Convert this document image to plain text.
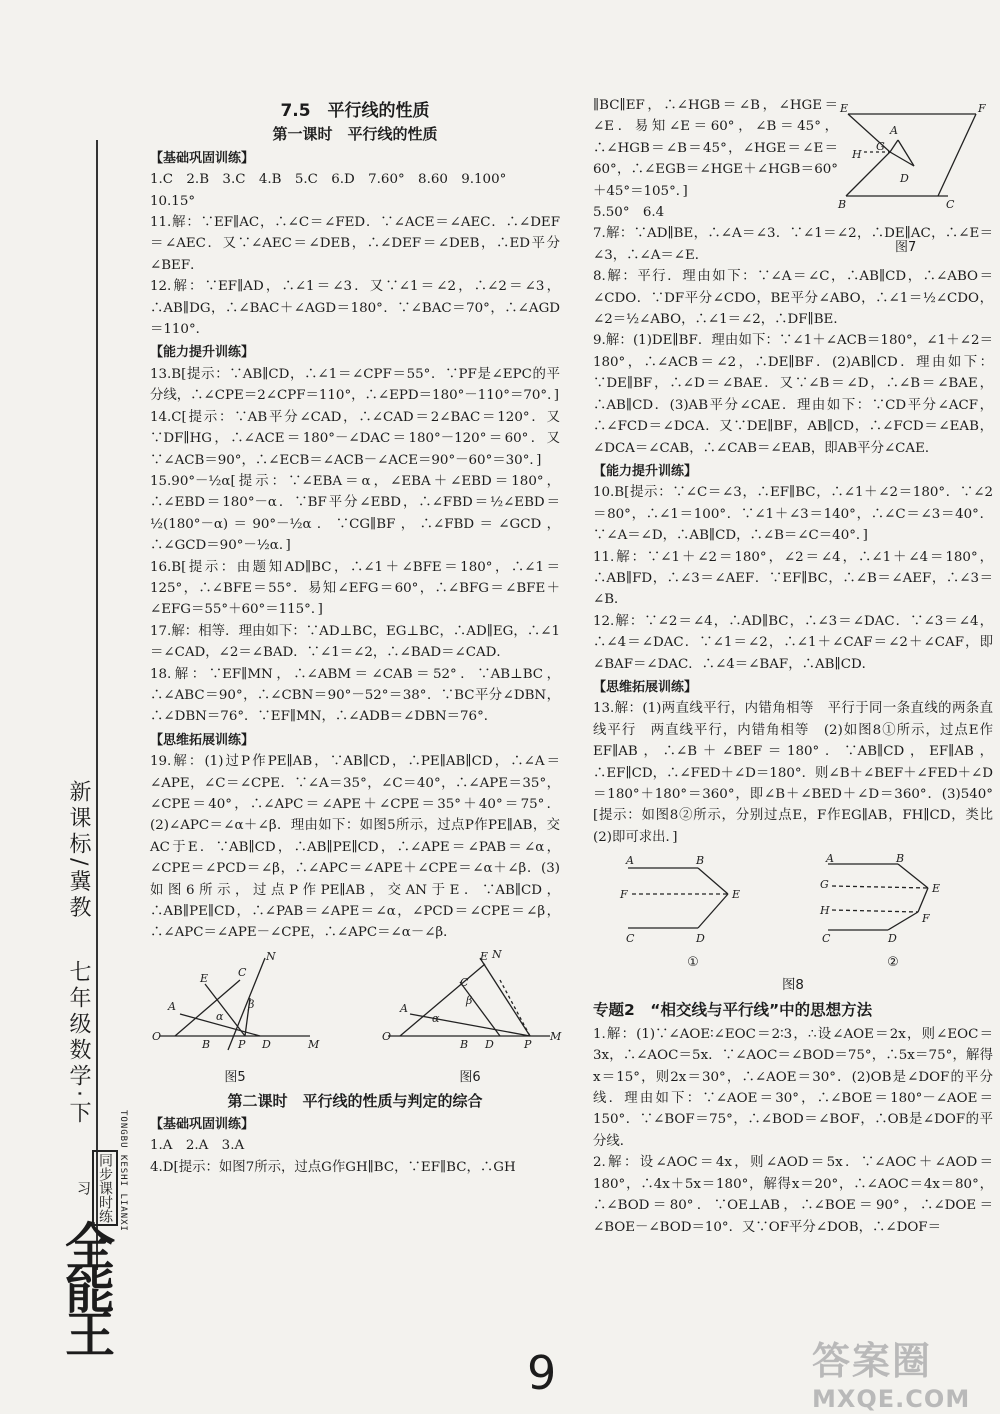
新课标/冀教
七年级数学·下
全能王
同步课时练习	TONGBU KESHI LIANXI
7.5　平行线的性质
第一课时　平行线的性质
【基础巩固训练】

1.C　2.B　3.C　4.B　5.C　6.D　7.60°　8.60　9.100°

10.15°

11.解：∵EF∥AC，∴∠C＝∠FED．∵∠ACE＝∠AEC．∴∠DEF＝∠AEC．又∵∠AEC＝∠DEB，∴∠DEF＝∠DEB，∴ED平分∠BEF．

12.解：∵EF∥AD，∴∠1＝∠3．又∵∠1＝∠2，∴∠2＝∠3，∴AB∥DG，∴∠BAC＋∠AGD＝180°．∵∠BAC＝70°，∴∠AGD＝110°．

【能力提升训练】

13.B[提示：∵AB∥CD，∴∠1＝∠CPF＝55°．∵PF是∠EPC的平分线，∴∠CPE＝2∠CPF＝110°，∴∠EPD＝180°－110°＝70°．]

14.C[提示：∵AB平分∠CAD，∴∠CAD＝2∠BAC＝120°．又∵DF∥HG，∴∠ACE＝180°－∠DAC＝180°－120°＝60°．又∵∠ACB＝90°，∴∠ECB＝∠ACB－∠ACE＝90°－60°＝30°．]

15.90°－½α[提示：∵∠EBA＝α，∠EBA＋∠EBD＝180°，∴∠EBD＝180°－α．∵BF平分∠EBD，∴∠FBD＝½∠EBD＝½(180°－α)＝90°－½α．∵CG∥BF，∴∠FBD＝∠GCD，∴∠GCD＝90°－½α．]

16.B[提示：由题知AD∥BC，∴∠1＋∠BFE＝180°，∴∠1＝125°，∴∠BFE＝55°．易知∠EFG＝60°，∴∠BFG＝∠BFE＋∠EFG＝55°＋60°＝115°．]

17.解：相等．理由如下：∵AD⊥BC，EG⊥BC，∴AD∥EG，∴∠1＝∠CAD，∠2＝∠BAD．∵∠1＝∠2，∴∠BAD＝∠CAD．

18.解：∵EF∥MN，∴∠ABM＝∠CAB＝52°．∵AB⊥BC，∴∠ABC＝90°，∴∠CBN＝90°－52°＝38°．∵BC平分∠DBN，∴∠DBN＝76°．∵EF∥MN，∴∠ADB＝∠DBN＝76°．

【思维拓展训练】

19.解：(1)过P作PE∥AB，∵AB∥CD，∴PE∥AB∥CD，∴∠A＝∠APE，∠C＝∠CPE．∵∠A＝35°，∠C＝40°，∴∠APE＝35°，∠CPE＝40°，∴∠APC＝∠APE＋∠CPE＝35°＋40°＝75°．(2)∠APC＝∠α＋∠β．理由如下：如图5所示，过点P作PE∥AB，交AC于E．∵AB∥CD，∴AB∥PE∥CD，∴∠APE＝∠PAB＝∠α，∠CPE＝∠PCD＝∠β，∴∠APC＝∠APE＋∠CPE＝∠α＋∠β．(3)如图6所示，过点P作PE∥AB，交AN于E．∵AB∥CD，∴AB∥PE∥CD，∴∠PAB＝∠APE＝∠α，∠PCD＝∠CPE＝∠β，∴∠APC＝∠APE－∠CPE，∴∠APC＝∠α－∠β．

O
A
E	C
N
B	P D	M
α
β
图5
O
A
E N
C
B D	P
M
α
β
图6
第二课时　平行线的性质与判定的综合
【基础巩固训练】

1.A　2.A　3.A

4.D[提示：如图7所示，过点G作GH∥BC，∵EF∥BC，∴GH

E	F
A
G
H
D
B	C
图7

∥BC∥EF，∴∠HGB＝∠B，∠HGE＝∠E．易知∠E＝60°，∠B＝45°，∴∠HGB＝∠B＝45°，∠HGE＝∠E＝60°，∴∠EGB＝∠HGE＋∠HGB＝60°＋45°＝105°．]

5.50°　6.4

7.解：∵AD∥BE，∴∠A＝∠3．∵∠1＝∠2，∴DE∥AC，∴∠E＝∠3，∴∠A＝∠E．

8.解：平行．理由如下：∵∠A＝∠C，∴AB∥CD，∴∠ABO＝∠CDO．∵DF平分∠CDO，BE平分∠ABO，∴∠1＝½∠CDO，∠2＝½∠ABO，∴∠1＝∠2，∴DF∥BE．

9.解：(1)DE∥BF．理由如下：∵∠1＋∠ACB＝180°，∠1＋∠2＝180°，∴∠ACB＝∠2，∴DE∥BF．(2)AB∥CD．理由如下：∵DE∥BF，∴∠D＝∠BAE．又∵∠B＝∠D，∴∠B＝∠BAE，∴AB∥CD．(3)AB平分∠CAE．理由如下：∵CD平分∠ACF，∴∠FCD＝∠DCA．又∵DE∥BF，AB∥CD，∴∠FCD＝∠EAB，∠DCA＝∠CAB，∴∠CAB＝∠EAB，即AB平分∠CAE．

【能力提升训练】

10.B[提示：∵∠C＝∠3，∴EF∥BC，∴∠1＋∠2＝180°．∵∠2＝80°，∴∠1＝100°．∵∠1＋∠3＝140°，∴∠C＝∠3＝40°．∵∠A＝∠D，∴AB∥CD，∴∠B＝∠C＝40°．]

11.解：∵∠1＋∠2＝180°，∠2＝∠4，∴∠1＋∠4＝180°，∴AB∥FD，∴∠3＝∠AEF．∵EF∥BC，∴∠B＝∠AEF，∴∠3＝∠B．

12.解：∵∠2＝∠4，∴AD∥BC，∴∠3＝∠DAC．∵∠3＝∠4，∴∠4＝∠DAC．∵∠1＝∠2，∴∠1＋∠CAF＝∠2＋∠CAF，即∠BAF＝∠DAC．∴∠4＝∠BAF，∴AB∥CD．

【思维拓展训练】

13.解：(1)两直线平行，内错角相等　平行于同一条直线的两条直线平行　两直线平行，内错角相等　(2)如图8①所示，过点E作EF∥AB，∴∠B＋∠BEF＝180°．∵AB∥CD，EF∥AB，∴EF∥CD，∴∠FED＋∠D＝180°．则∠B＋∠BEF＋∠FED＋∠D＝180°＋180°＝360°，即∠B＋∠BED＋∠D＝360°．(3)540°[提示：如图8②所示，分别过点E，F作EG∥AB，FH∥CD，类比(2)即可求出．]

A	B
F	E
C	D
①
A	B
G
H
E
F
C	D
②
图8
专题2　“相交线与平行线”中的思想方法

1.解：(1)∵∠AOE∶∠EOC＝2∶3，∴设∠AOE＝2x，则∠EOC＝3x，∴∠AOC＝5x．∵∠AOC＝∠BOD＝75°，∴5x＝75°，解得x＝15°，则2x＝30°，∴∠AOE＝30°．(2)OB是∠DOF的平分线．理由如下：∵∠AOE＝30°，∴∠BOE＝180°－∠AOE＝150°．∵∠BOF＝75°，∴∠BOD＝∠BOF，∴OB是∠DOF的平分线．

2.解：设∠AOC＝4x，则∠AOD＝5x．∵∠AOC＋∠AOD＝180°，∴4x＋5x＝180°，解得x＝20°，∴∠AOC＝4x＝80°，∴∠BOD＝80°．∵OE⊥AB，∴∠BOE＝90°，∴∠DOE＝∠BOE－∠BOD＝10°．又∵OF平分∠DOB，∴∠DOF＝

9	答案圈
MXQE.COM
